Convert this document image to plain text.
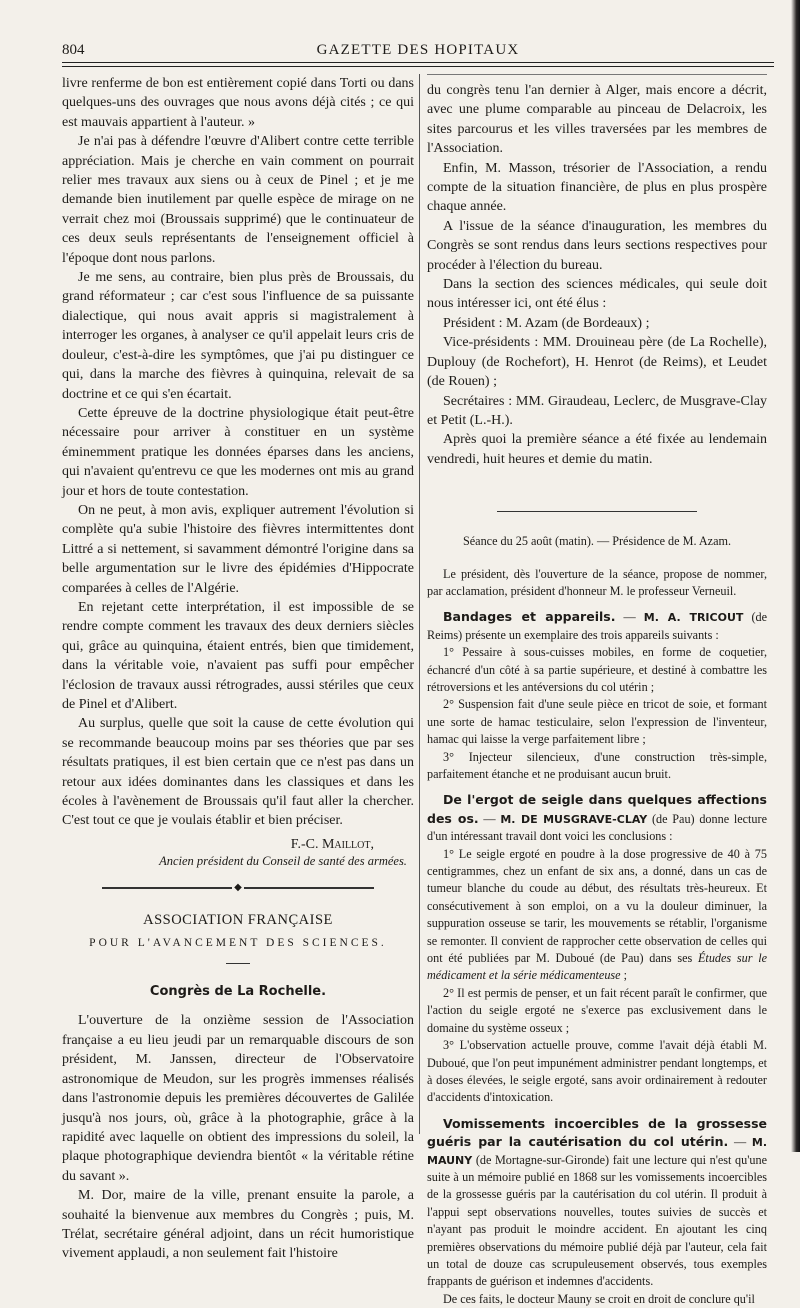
804	GAZETTE DES HOPITAUX

livre renferme de bon est entièrement copié dans Torti ou dans quelques-uns des ouvrages que nous avons déjà cités ; ce qui est mauvais appartient à l'auteur. »

Je n'ai pas à défendre l'œuvre d'Alibert contre cette terrible appréciation. Mais je cherche en vain comment on pourrait relier mes travaux aux siens ou à ceux de Pinel ; et je me demande bien inutilement par quelle espèce de mirage on ne verrait chez moi (Broussais supprimé) que le continuateur de ces deux seuls représentants de l'enseignement officiel à l'époque dont nous parlons.

Je me sens, au contraire, bien plus près de Broussais, du grand réformateur ; car c'est sous l'influence de sa puissante dialectique, qui nous avait appris si magistralement à interroger les organes, à analyser ce qu'il appelait leurs cris de douleur, c'est-à-dire les symptômes, que j'ai pu distinguer ce qui, dans la marche des fièvres à quinquina, relevait de sa doctrine et ce qui s'en écartait.

Cette épreuve de la doctrine physiologique était peut-être nécessaire pour arriver à constituer en un système éminemment pratique les données éparses dans les anciens, qui n'avaient qu'entrevu ce que les modernes ont mis au grand jour et hors de toute contestation.

On ne peut, à mon avis, expliquer autrement l'évolution si complète qu'a subie l'histoire des fièvres intermittentes dont Littré a si nettement, si savamment démontré l'origine dans sa belle argumentation sur le livre des épidémies d'Hippocrate comparées à celles de l'Algérie.

En rejetant cette interprétation, il est impossible de se rendre compte comment les travaux des deux derniers siècles qui, grâce au quinquina, étaient entrés, bien que timidement, dans la véritable voie, n'avaient pas suffi pour empêcher l'éclosion de travaux aussi rétrogrades, aussi stériles que ceux de Pinel et d'Alibert.

Au surplus, quelle que soit la cause de cette évolution qui se recommande beaucoup moins par ses théories que par ses résultats pratiques, il est bien certain que ce n'est pas dans un retour aux idées dominantes dans les classiques et dans les écoles à l'avènement de Broussais qu'il faut aller la chercher. C'est tout ce que je voulais établir et bien préciser.

F.-C. Maillot,

Ancien président du Conseil de santé des armées.

◆

ASSOCIATION FRANÇAISE

POUR L'AVANCEMENT DES SCIENCES.

Congrès de La Rochelle.

L'ouverture de la onzième session de l'Association française a eu lieu jeudi par un remarquable discours de son président, M. Janssen, directeur de l'Observatoire astronomique de Meudon, sur les progrès immenses réalisés dans l'astronomie depuis les premières découvertes de Galilée jusqu'à nos jours, où, grâce à la photographie, grâce à la rapidité avec laquelle on obtient des impressions du soleil, la plaque photographique deviendra bientôt « la véritable rétine du savant ».

M. Dor, maire de la ville, prenant ensuite la parole, a souhaité la bienvenue aux membres du Congrès ; puis, M. Trélat, secrétaire général adjoint, dans un récit humoristique vivement applaudi, a non seulement fait l'histoire

du congrès tenu l'an dernier à Alger, mais encore a décrit, avec une plume comparable au pinceau de Delacroix, les sites parcourus et les villes traversées par les membres de l'Association.

Enfin, M. Masson, trésorier de l'Association, a rendu compte de la situation financière, de plus en plus prospère chaque année.

A l'issue de la séance d'inauguration, les membres du Congrès se sont rendus dans leurs sections respectives pour procéder à l'élection du bureau.

Dans la section des sciences médicales, qui seule doit nous intéresser ici, ont été élus :

Président : M. Azam (de Bordeaux) ;

Vice-présidents : MM. Drouineau père (de La Rochelle), Duplouy (de Rochefort), H. Henrot (de Reims), et Leudet (de Rouen) ;

Secrétaires : MM. Giraudeau, Leclerc, de Musgrave-Clay et Petit (L.-H.).

Après quoi la première séance a été fixée au lendemain vendredi, huit heures et demie du matin.

Séance du 25 août (matin). — Présidence de M. Azam.

Le président, dès l'ouverture de la séance, propose de nommer, par acclamation, président d'honneur M. le professeur Verneuil.

Bandages et appareils. — M. A. TRICOUT (de Reims) présente un exemplaire des trois appareils suivants :

1° Pessaire à sous-cuisses mobiles, en forme de coquetier, échancré d'un côté à sa partie supérieure, et destiné à combattre les rétroversions et les antéversions du col utérin ;

2° Suspension fait d'une seule pièce en tricot de soie, et formant une sorte de hamac testiculaire, selon l'expression de l'inventeur, hamac qui laisse la verge parfaitement libre ;

3° Injecteur silencieux, d'une construction très-simple, parfaitement étanche et ne produisant aucun bruit.

De l'ergot de seigle dans quelques affections des os. — M. DE MUSGRAVE-CLAY (de Pau) donne lecture d'un intéressant travail dont voici les conclusions :

1° Le seigle ergoté en poudre à la dose progressive de 40 à 75 centigrammes, chez un enfant de six ans, a donné, dans un cas de tumeur blanche du coude au début, des résultats très-heureux. Et consécutivement à son emploi, on a vu la douleur diminuer, la suppuration osseuse se tarir, les mouvements se rétablir, l'organisme se remonter. Il convient de rapprocher cette observation de celles qui ont été publiées par M. Duboué (de Pau) dans ses Études sur le médicament et la série médicamenteuse ;

2° Il est permis de penser, et un fait récent paraît le confirmer, que l'action du seigle ergoté ne s'exerce pas exclusivement dans le domaine du système osseux ;

3° L'observation actuelle prouve, comme l'avait déjà établi M. Duboué, que l'on peut impunément administrer pendant longtemps, et à doses élevées, le seigle ergoté, sans avoir ordinairement à redouter d'accidents d'intoxication.

Vomissements incoercibles de la grossesse guéris par la cautérisation du col utérin. — M. MAUNY (de Mortagne-sur-Gironde) fait une lecture qui n'est qu'une suite à un mémoire publié en 1868 sur les vomissements incoercibles de la grossesse guéris par la cautérisation du col utérin. Il produit à l'appui sept observations nouvelles, toutes suivies de succès et n'ayant pas produit le moindre accident. En ajoutant les cinq premières observations du mémoire publié déjà par l'auteur, cela fait un total de douze cas scrupuleusement observés, tous exemples frappants de guérison et indemnes d'accidents.

De ces faits, le docteur Mauny se croit en droit de conclure qu'il
